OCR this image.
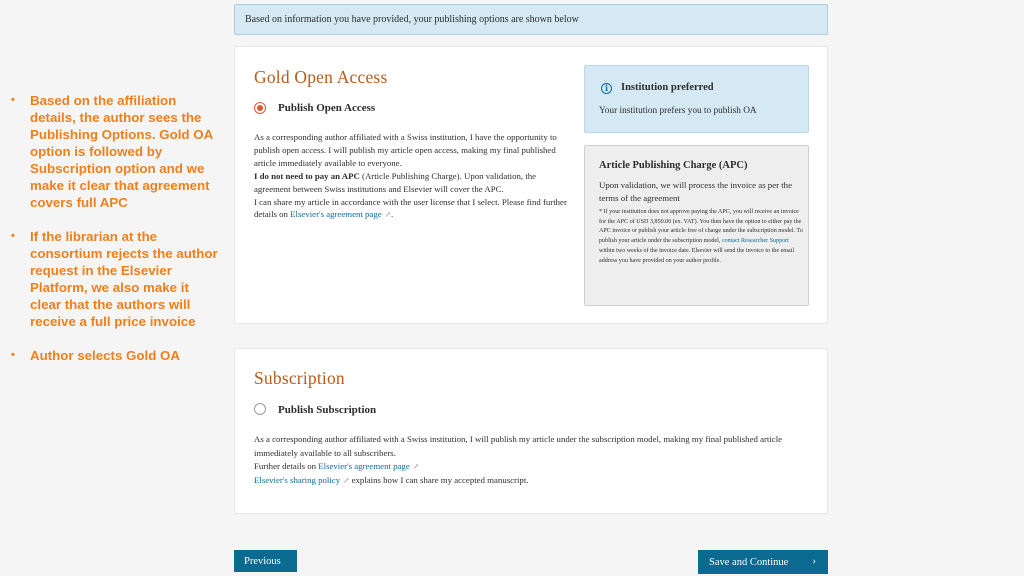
• Based on the affiliation details, the author sees the Publishing Options. Gold OA option is followed by Subscription option and we make it clear that agreement covers full APC
• If the librarian at the consortium rejects the author request in the Elsevier Platform, we also make it clear that the authors will receive a full price invoice
• Author selects Gold OA
Based on information you have provided, your publishing options are shown below
Gold Open Access
Publish Open Access

As a corresponding author affiliated with a Swiss institution, I have the opportunity to publish open access. I will publish my article open access, making my final published article immediately available to everyone.

I do not need to pay an APC (Article Publishing Charge). Upon validation, the agreement between Swiss institutions and Elsevier will cover the APC.

I can share my article in accordance with the user license that I select. Please find further details on Elsevier's agreement page ↗.

i	Institution preferred
Your institution prefers you to publish OA
Article Publishing Charge (APC)
Upon validation, we will process the invoice as per the terms of the agreement
* If your institution does not approve paying the APC, you will receive an invoice for the APC of USD 3,850.00 (ex. VAT). You then have the option to either pay the APC invoice or publish your article free of charge under the subscription model. To publish your article under the subscription model, contact Researcher Support within two weeks of the invoice date. Elsevier will send the invoice to the email address you have provided on your author profile.
Subscription
Publish Subscription

As a corresponding author affiliated with a Swiss institution, I will publish my article under the subscription model, making my final published article immediately available to all subscribers.

Further details on Elsevier's agreement page ↗

Elsevier's sharing policy ↗ explains how I can share my accepted manuscript.

Previous	Save and Continue ›
